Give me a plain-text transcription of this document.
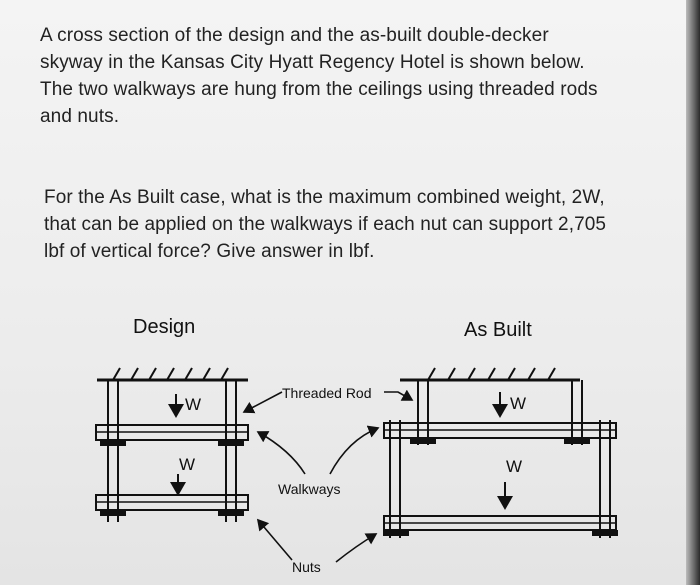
A cross section of the design and the as-built double-decker
skyway in the Kansas City Hyatt Regency Hotel is shown below.
The two walkways are hung from the ceilings using threaded rods
and nuts.
For the As Built case, what is the maximum combined weight, 2W,
that can be applied on the walkways if each nut can support 2,705
lbf of vertical force? Give answer in lbf.
Design	As Built
W
W
W
W
Threaded Rod
Walkways
Nuts
